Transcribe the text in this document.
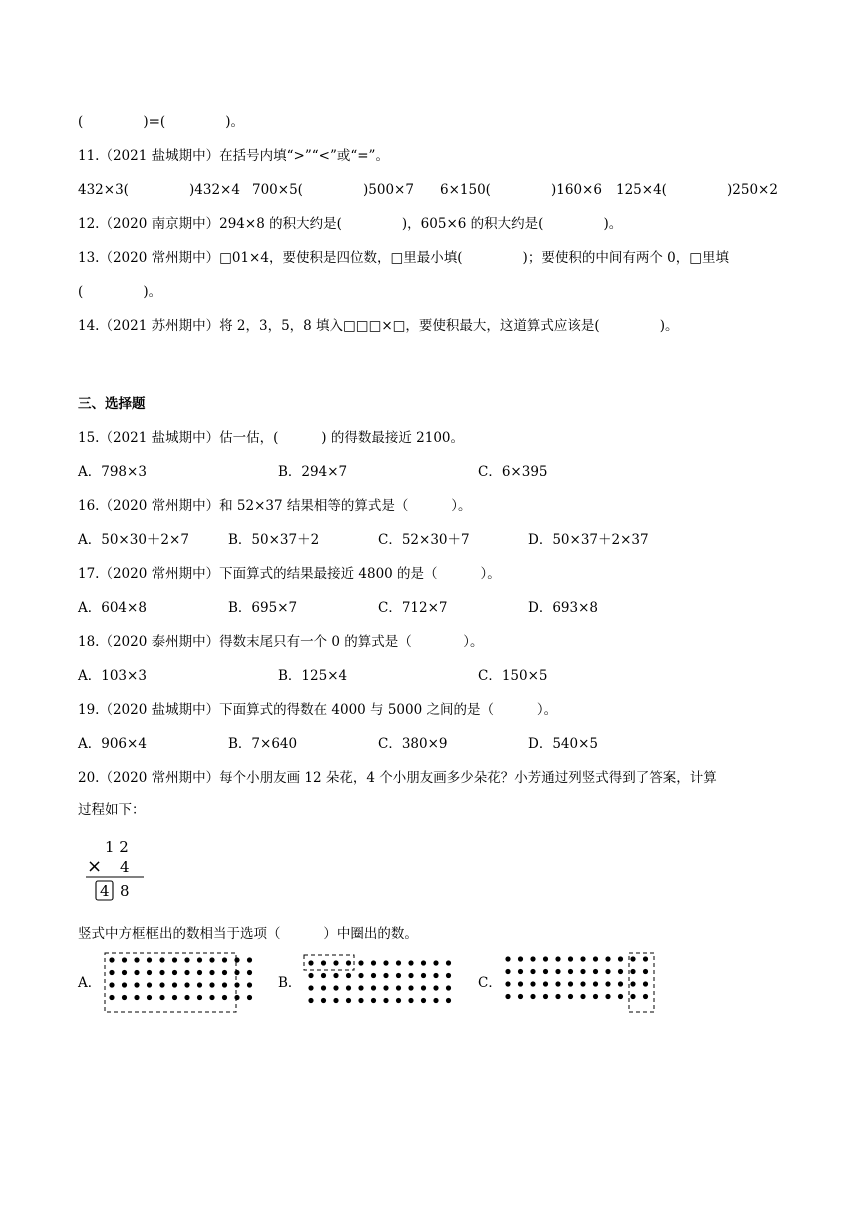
(              )=(              )。
11.（2021 盐城期中）在括号内填“>”“<”或“=”。
432×3(              )432×4 700×5(              )500×7 6×150(              )160×6 125×4(              )250×2
12.（2020 南京期中）294×8 的积大约是(              )，605×6 的积大约是(              )。
13.（2020 常州期中）□01×4，要使积是四位数，□里最小填(              )；要使积的中间有两个 0，□里填
(              )。
14.（2021 苏州期中）将 2，3，5，8 填入□□□×□，要使积最大，这道算式应该是(              )。
三、选择题
15.（2021 盐城期中）估一估，(          ) 的得数最接近 2100。
A．798×3	B．294×7	C．6×395
16.（2020 常州期中）和 52×37 结果相等的算式是（          ）。
A．50×30＋2×7	B．50×37＋2	C．52×30＋7	D．50×37＋2×37
17.（2020 常州期中）下面算式的结果最接近 4800 的是（          ）。
A．604×8	B．695×7	C．712×7	D．693×8
18.（2020 泰州期中）得数末尾只有一个 0 的算式是（            ）。
A．103×3	B．125×4	C．150×5
19.（2020 盐城期中）下面算式的得数在 4000 与 5000 之间的是（          ）。
A．906×4	B．7×640	C．380×9	D．540×5
20.（2020 常州期中）每个小朋友画 12 朵花，4 个小朋友画多少朵花？小芳通过列竖式得到了答案，计算
过程如下：
1 2
× 4
4 8
竖式中方框框出的数相当于选项（          ）中圈出的数。
A．	B．	C．
